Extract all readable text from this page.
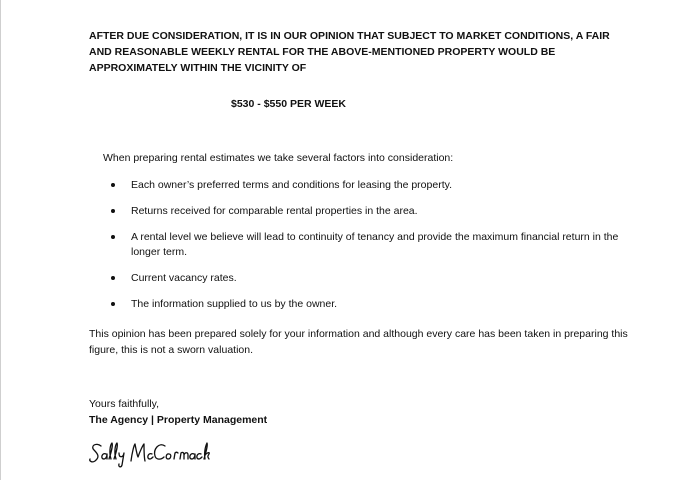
AFTER DUE CONSIDERATION, IT IS IN OUR OPINION THAT SUBJECT TO MARKET CONDITIONS, A FAIR AND REASONABLE WEEKLY RENTAL FOR THE ABOVE-MENTIONED PROPERTY WOULD BE APPROXIMATELY WITHIN THE VICINITY OF
$530 - $550 PER WEEK
When preparing rental estimates we take several factors into consideration:
Each owner’s preferred terms and conditions for leasing the property.
Returns received for comparable rental properties in the area.
A rental level we believe will lead to continuity of tenancy and provide the maximum financial return in the longer term.
Current vacancy rates.
The information supplied to us by the owner.
This opinion has been prepared solely for your information and although every care has been taken in preparing this figure, this is not a sworn valuation.
Yours faithfully,
The Agency | Property Management
